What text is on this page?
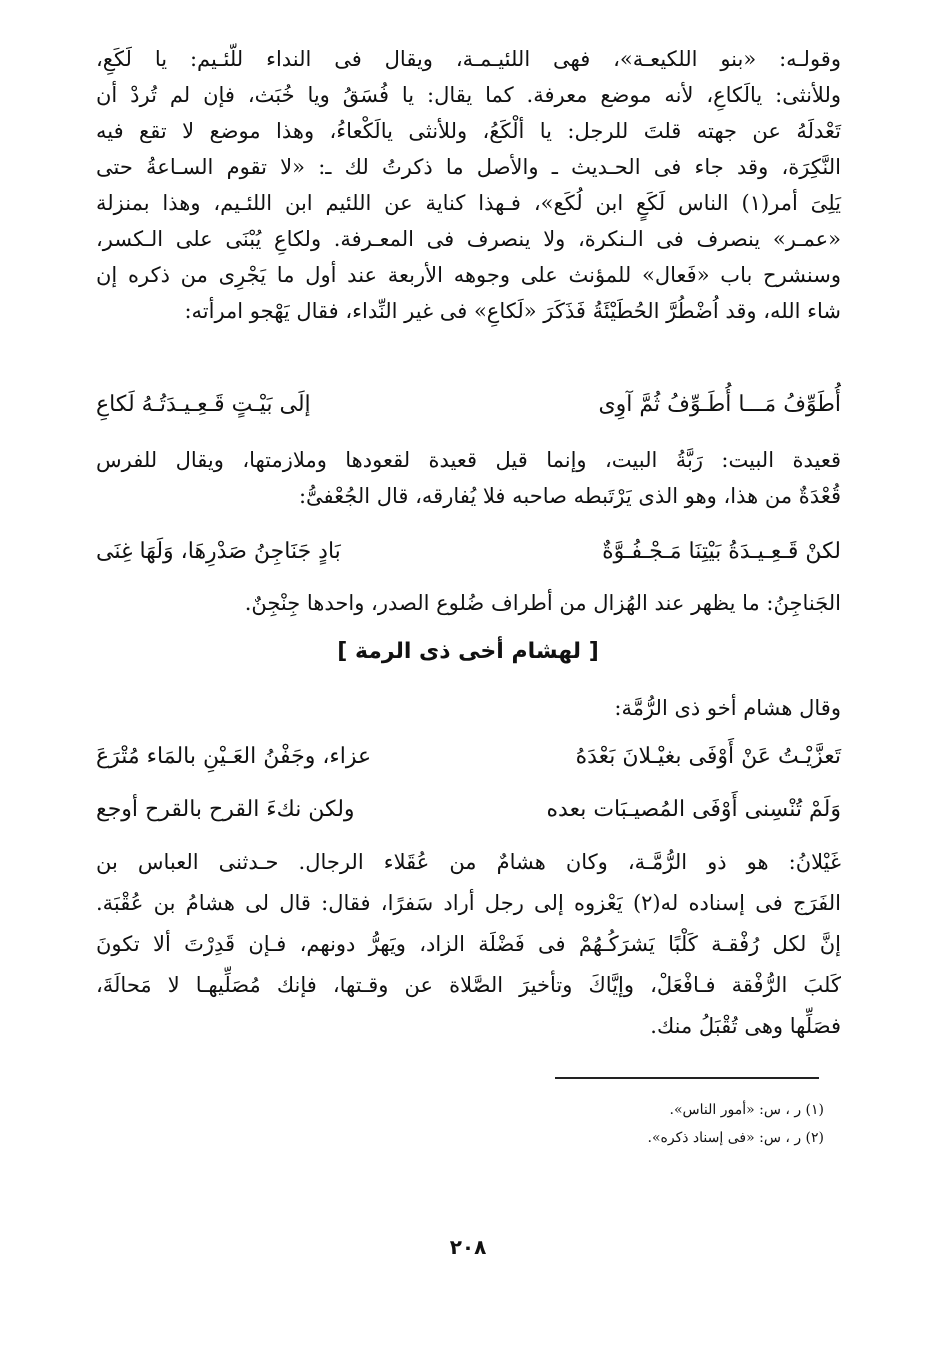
وقولـه: «بنو اللكيعـة»، فهى اللئيـمـة، ويقال فى النداء للّئـيم: يا لَكَعِ،
وللأنثى: يالَكاعِ، لأنه موضع معرفة. كما يقال: يا فُسَقُ ويا خُبَث، فإن لم تُردْ أن
تَعْدلَهُ عن جهته قلتَ للرجل: يا ألْكَعُ، وللأنثى يالَكْعاءُ، وهذا موضع لا تقع فيه
النَّكِرَة، وقد جاء فى الحـديث ـ والأصل ما ذكرتُ لك ـ: «لا تقوم السـاعةُ حتى
يَلِىَ أمر(١) الناس لَكَعٍ ابن لُكَع»، فـهذا كناية عن اللئيم ابن اللئـيم، وهذا بمنزلة
«عمـر» ينصرف فى الـنكرة، ولا ينصرف فى المعـرفة. ولكاعِ يُبْنَى على الـكسر،
وسنشرح باب «فَعال» للمؤنث على وجوهه الأربعة عند أول ما يَجْرِى من ذكره إن
شاء الله، وقد اُضْطُرَّ الحُطَيْئَةُ فَذَكَرَ «لَكاعِ» فى غير النِّداء، فقال يَهْجو امرأته:
أُطَوِّفُ مَـــا أُطَـوِّفُ ثُمَّ آوِى
إلَى بَيْـتٍ قَـعِـيـدَتُـهُ لَكاعِ
قعيدة البيت: رَبَّةُ البيت، وإنما قيل قعيدة لقعودها وملازمتها، ويقال للفرس
قُعْدَةٌ من هذا، وهو الذى يَرْتَبطه صاحبه فلا يُفارقه، قال الجُعْفىُّ:
لكنْ قَـعِـيـدَةُ بَيْتِنَا مَـجْـفُـوَّةٌ
بَادٍ جَنَاجِنُ صَدْرِهَا، وَلَهَا غِنَى
الجَناجِنُ: ما يظهر عند الهُزال من أطراف ضُلوع الصدر، واحدها جِنْجِنٌ.
[ لهشام أخى ذى الرمة ]
وقال هشام أخو ذى الرُّمَّة:
تَعزَّيْـتُ عَنْ أَوْفَى بغيْـلانَ بَعْدَهُ
عزاء، وجَفْنُ العَـيْنِ بالمَاء مُتْرَعَ
وَلَمْ تُنْسِنى أَوْفَى المُصيـبَات بعده
ولكن نكءَ القرح بالقرح أوجع
غَيْلانُ: هو ذو الرُّمَّـة، وكان هشامٌ من عُقَلاء الرجال. حـدثنى العباس بن
الفَرَج فى إسناده له(٢) يَعْزوه إلى رجل أراد سَفرًا، فقال: قال لى هشامُ بن عُقْبَة.
إنَّ لكل رُفْقـة كَلْبًا يَشرَكُـهُمْ فى فَضْلَة الزاد، ويَهرُّ دونهم، فـإن قَدِرْتَ ألا تكونَ
كَلبَ الرُّفْقة فـافْعَلْ، وإيَّاكَ وتأخيرَ الصَّلاة عن وقـتها، فإنك مُصَلِّيهـا لا مَحالَةَ،
فصَلِّها وهى تُقْبَلُ منك.
(١) ر ، س: «أمور الناس».
(٢) ر ، س: «فى إسناد ذكره».
٢٠٨
